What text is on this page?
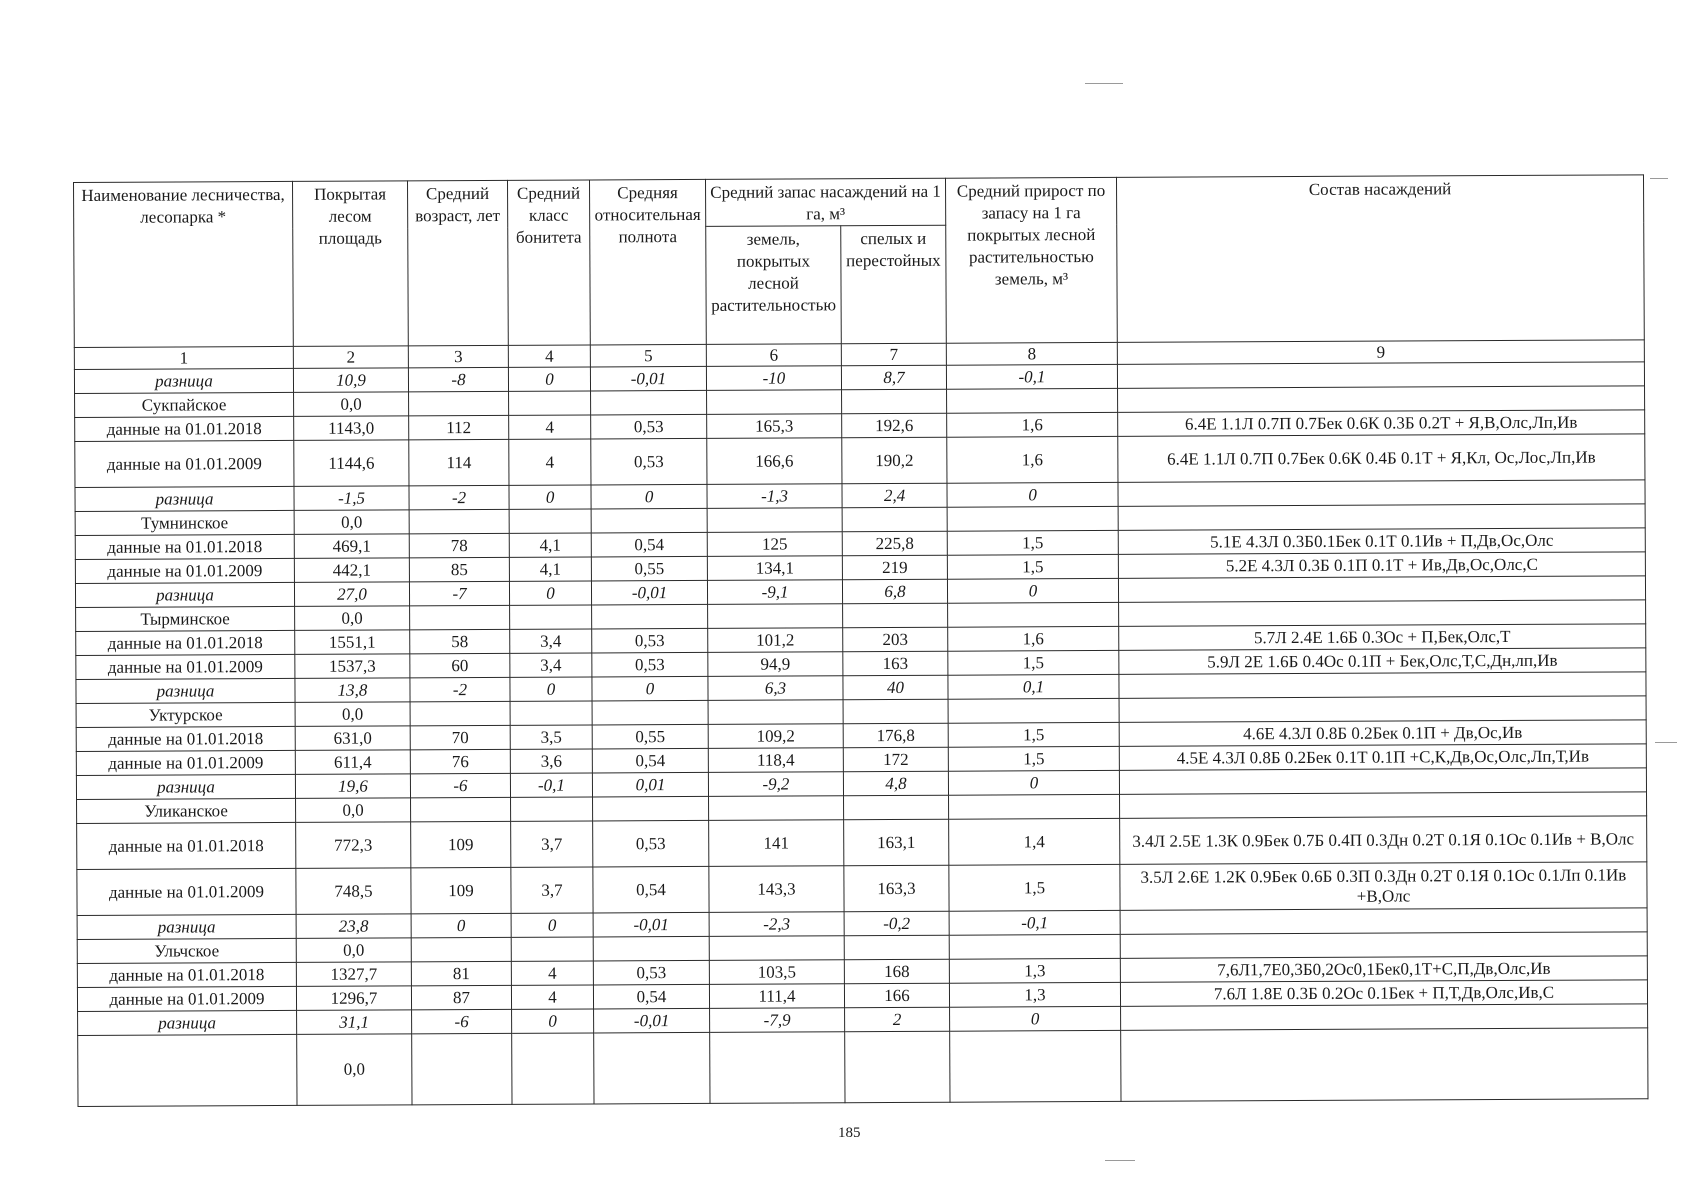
Наименование лесничества, лесопарка *	Покрытая лесом площадь	Средний возраст, лет	Средний класс бонитета	Средняя относительная полнота	Средний запас насаждений на 1 га, м³		Средний прирост по запасу на 1 га покрытых лесной растительностью земель, м³	Состав насаждений
					земель, покрытых лесной растительностью	спелых и перестойных		
1	2	3	4	5	6	7	8	9
разница	10,9	-8	0	-0,01	-10	8,7	-0,1	
Сукпайское	0,0							
данные на 01.01.2018	1143,0	112	4	0,53	165,3	192,6	1,6	6.4Е 1.1Л 0.7П 0.7Бек 0.6К 0.3Б 0.2Т + Я,В,Олс,Лп,Ив
данные на 01.01.2009	1144,6	114	4	0,53	166,6	190,2	1,6	6.4Е 1.1Л 0.7П 0.7Бек 0.6К 0.4Б 0.1Т + Я,Кл, Ос,Лос,Лп,Ив
разница	-1,5	-2	0	0	-1,3	2,4	0	
Тумнинское	0,0							
данные на 01.01.2018	469,1	78	4,1	0,54	125	225,8	1,5	5.1Е 4.3Л 0.3Б0.1Бек 0.1Т 0.1Ив + П,Дв,Ос,Олс
данные на 01.01.2009	442,1	85	4,1	0,55	134,1	219	1,5	5.2Е 4.3Л 0.3Б 0.1П 0.1Т + Ив,Дв,Ос,Олс,С
разница	27,0	-7	0	-0,01	-9,1	6,8	0	
Тырминское	0,0							
данные на 01.01.2018	1551,1	58	3,4	0,53	101,2	203	1,6	5.7Л 2.4Е 1.6Б 0.3Ос + П,Бек,Олс,Т
данные на 01.01.2009	1537,3	60	3,4	0,53	94,9	163	1,5	5.9Л 2Е 1.6Б 0.4Ос 0.1П + Бек,Олс,Т,С,Дн,лп,Ив
разница	13,8	-2	0	0	6,3	40	0,1	
Уктурское	0,0							
данные на 01.01.2018	631,0	70	3,5	0,55	109,2	176,8	1,5	4.6Е 4.3Л 0.8Б 0.2Бек 0.1П + Дв,Ос,Ив
данные на 01.01.2009	611,4	76	3,6	0,54	118,4	172	1,5	4.5Е 4.3Л 0.8Б 0.2Бек 0.1Т 0.1П +С,К,Дв,Ос,Олс,Лп,Т,Ив
разница	19,6	-6	-0,1	0,01	-9,2	4,8	0	
Уликанское	0,0							
данные на 01.01.2018	772,3	109	3,7	0,53	141	163,1	1,4	3.4Л 2.5Е 1.3К 0.9Бек 0.7Б 0.4П 0.3Дн 0.2Т 0.1Я 0.1Ос 0.1Ив + В,Олс
данные на 01.01.2009	748,5	109	3,7	0,54	143,3	163,3	1,5	3.5Л 2.6Е 1.2К 0.9Бек 0.6Б 0.3П 0.3Дн 0.2Т 0.1Я 0.1Ос 0.1Лп 0.1Ив +В,Олс
разница	23,8	0	0	-0,01	-2,3	-0,2	-0,1	
Ульчское	0,0							
данные на 01.01.2018	1327,7	81	4	0,53	103,5	168	1,3	7,6Л1,7Е0,3Б0,2Ос0,1Бек0,1Т+С,П,Дв,Олс,Ив
данные на 01.01.2009	1296,7	87	4	0,54	111,4	166	1,3	7.6Л 1.8Е 0.3Б 0.2Ос 0.1Бек + П,Т,Дв,Олс,Ив,С
разница	31,1	-6	0	-0,01	-7,9	2	0	
	0,0							
185
